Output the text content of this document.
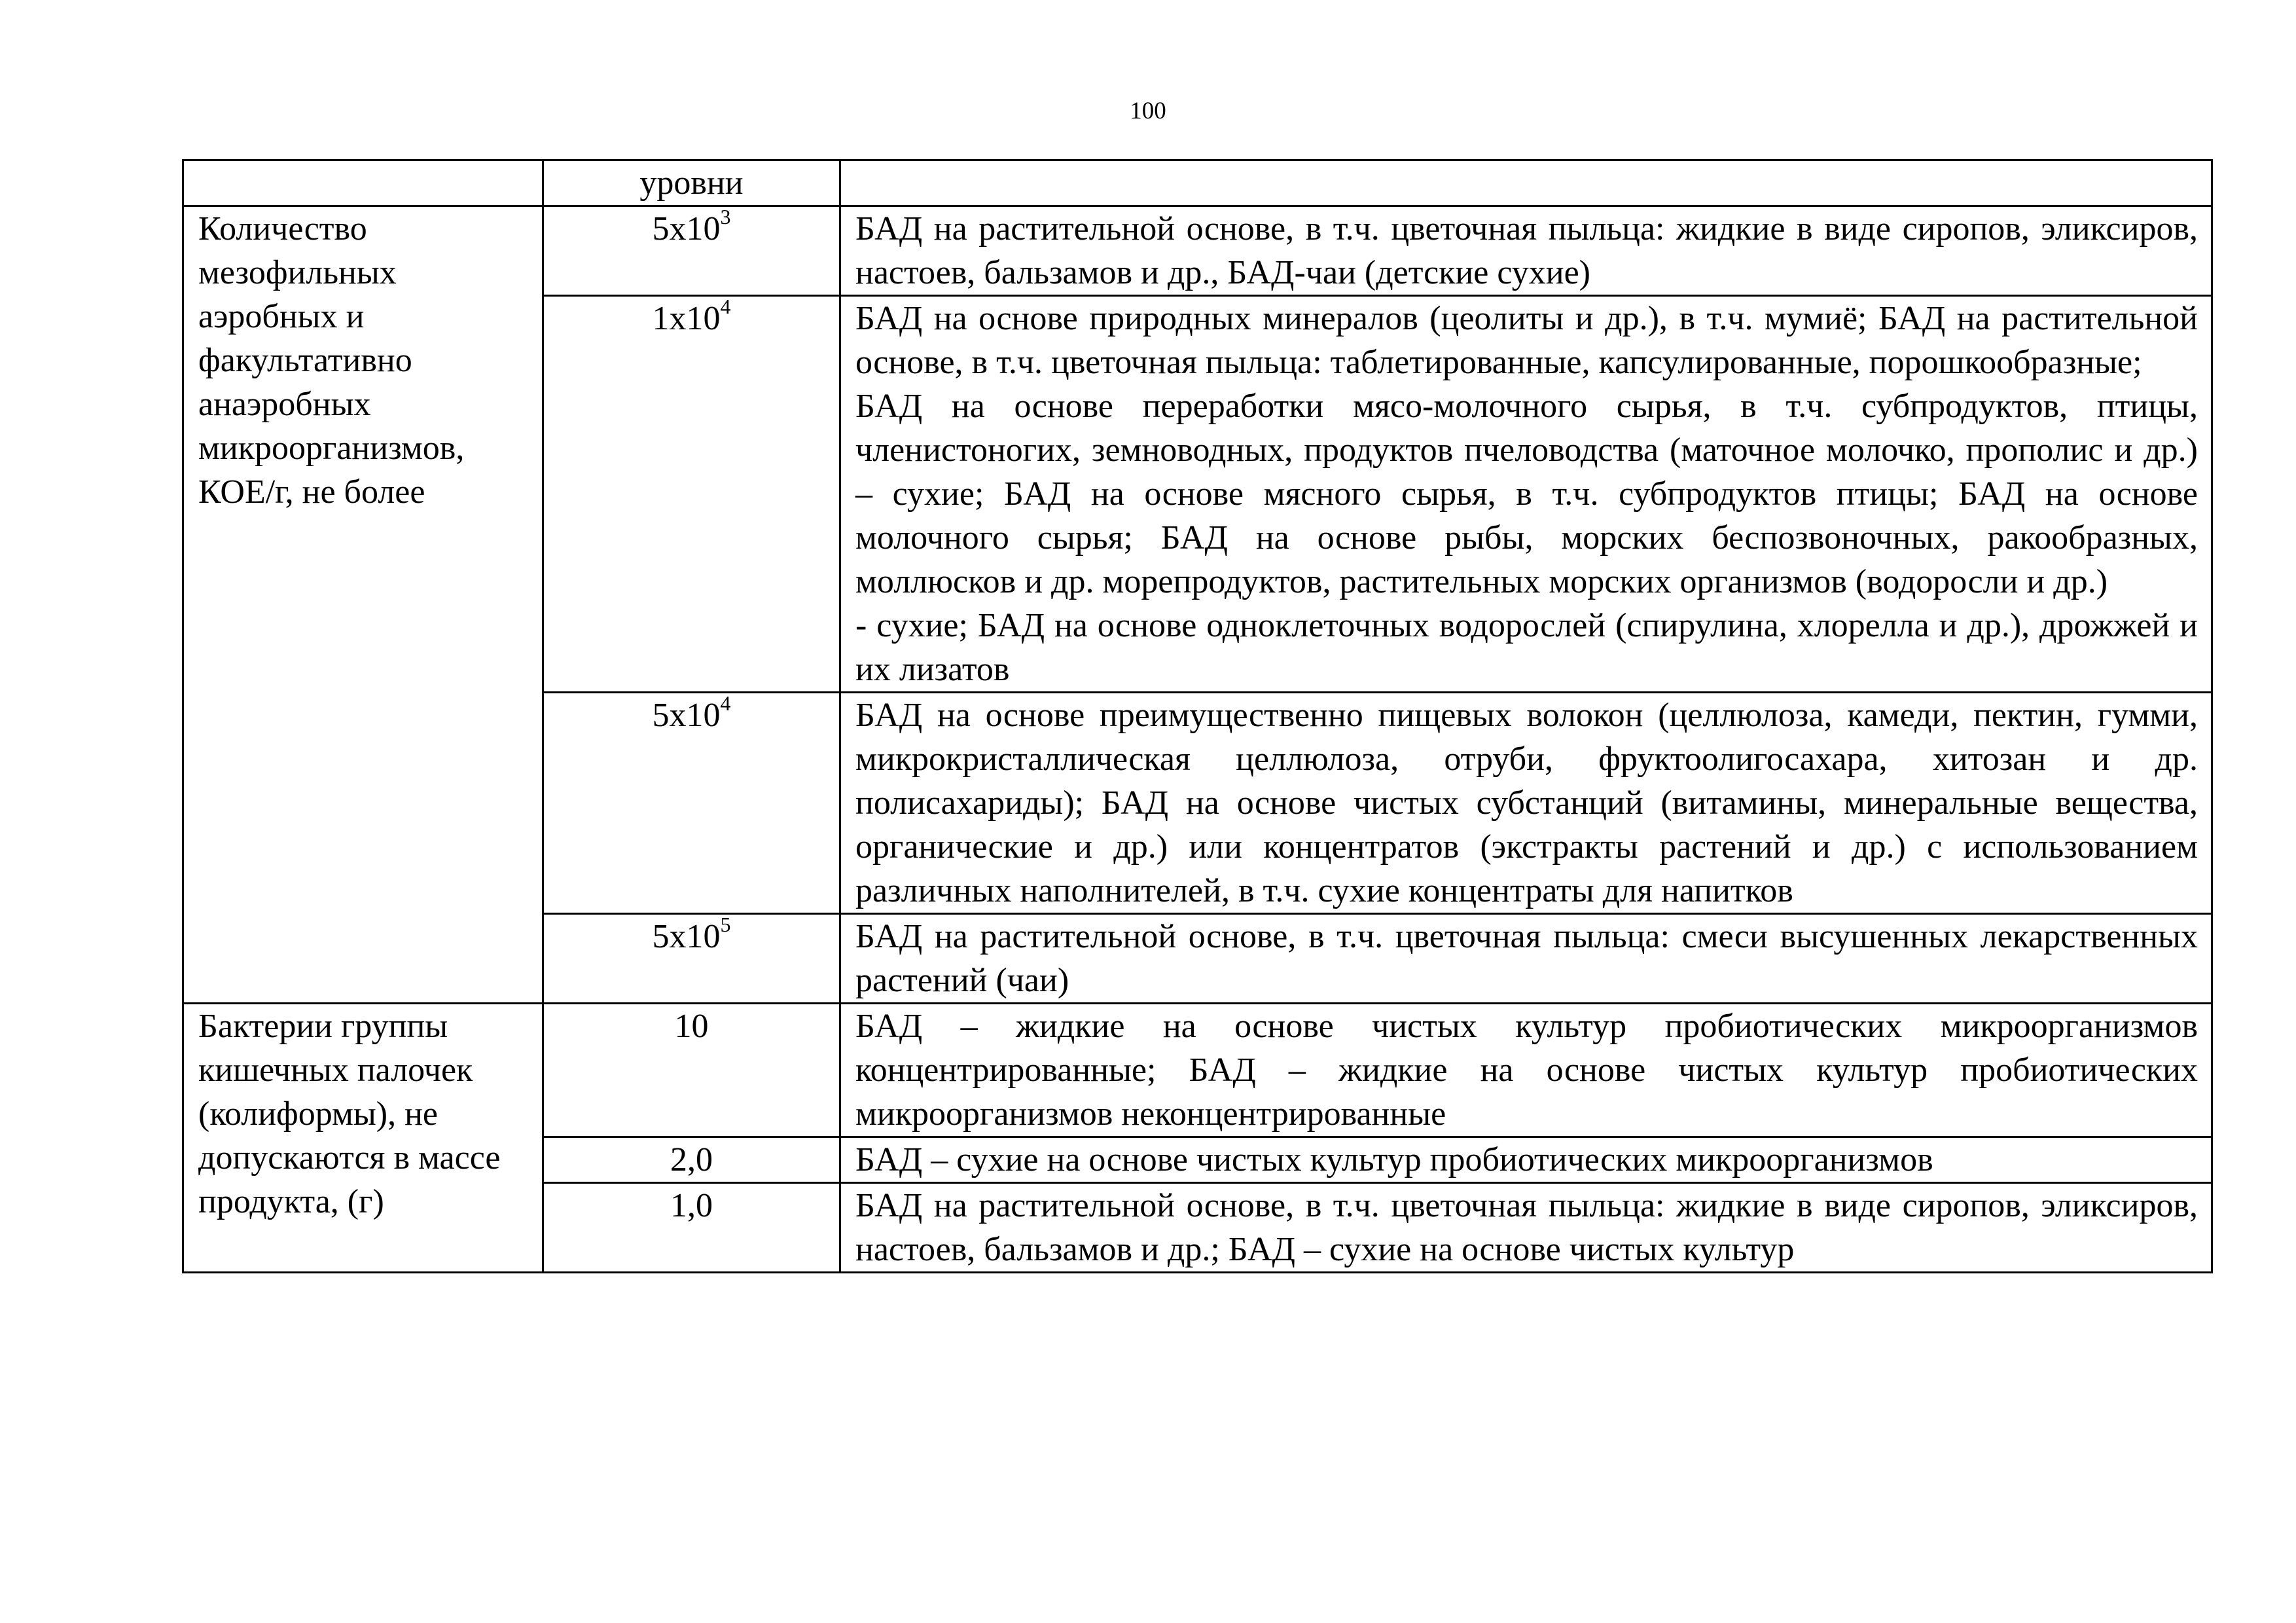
100
	уровни	
Количество мезофильных аэробных и факультативно анаэробных микроорганизмов, КОЕ/г, не более	$5х10^3$	БАД на растительной основе, в т.ч. цветочная пыльца: жидкие в виде сиропов, эликсиров, настоев, бальзамов и др., БАД-чаи (детские сухие)

	$1х10^4$	БАД на основе природных минералов (цеолиты и др.), в т.ч. мумиё; БАД на растительной основе, в т.ч. цветочная пыльца: таблетированные, капсулированные, порошкообразные;
БАД на основе переработки мясо-молочного сырья, в т.ч. субпродуктов, птицы, членистоногих, земноводных, продуктов пчеловодства (маточное молочко, прополис и др.) – сухие; БАД на основе мясного сырья, в т.ч. субпродуктов птицы; БАД на основе молочного сырья; БАД на основе рыбы, морских беспозвоночных, ракообразных, моллюсков и др. морепродуктов, растительных морских организмов (водоросли и др.)
- сухие; БАД на основе одноклеточных водорослей (спирулина, хлорелла и др.), дрожжей и их лизатов

	$5х10^4$	БАД на основе преимущественно пищевых волокон (целлюлоза, камеди, пектин, гумми, микрокристаллическая целлюлоза, отруби, фруктоолигосахара, хитозан и др. полисахариды); БАД на основе чистых субстанций (витамины, минеральные вещества, органические и др.) или концентратов (экстракты растений и др.) с использованием различных наполнителей, в т.ч. сухие концентраты для напитков

	$5х10^5$	БАД на растительной основе, в т.ч. цветочная пыльца: смеси высушенных лекарственных растений (чаи)

Бактерии группы кишечных палочек (колиформы), не допускаются в массе продукта, (г)	10	БАД – жидкие на основе чистых культур пробиотических микроорганизмов концентрированные; БАД – жидкие на основе чистых культур пробиотических микроорганизмов неконцентрированные

	2,0	БАД – сухие на основе чистых культур пробиотических микроорганизмов

	1,0	БАД на растительной основе, в т.ч. цветочная пыльца: жидкие в виде сиропов, эликсиров, настоев, бальзамов и др.; БАД – сухие на основе чистых культур
